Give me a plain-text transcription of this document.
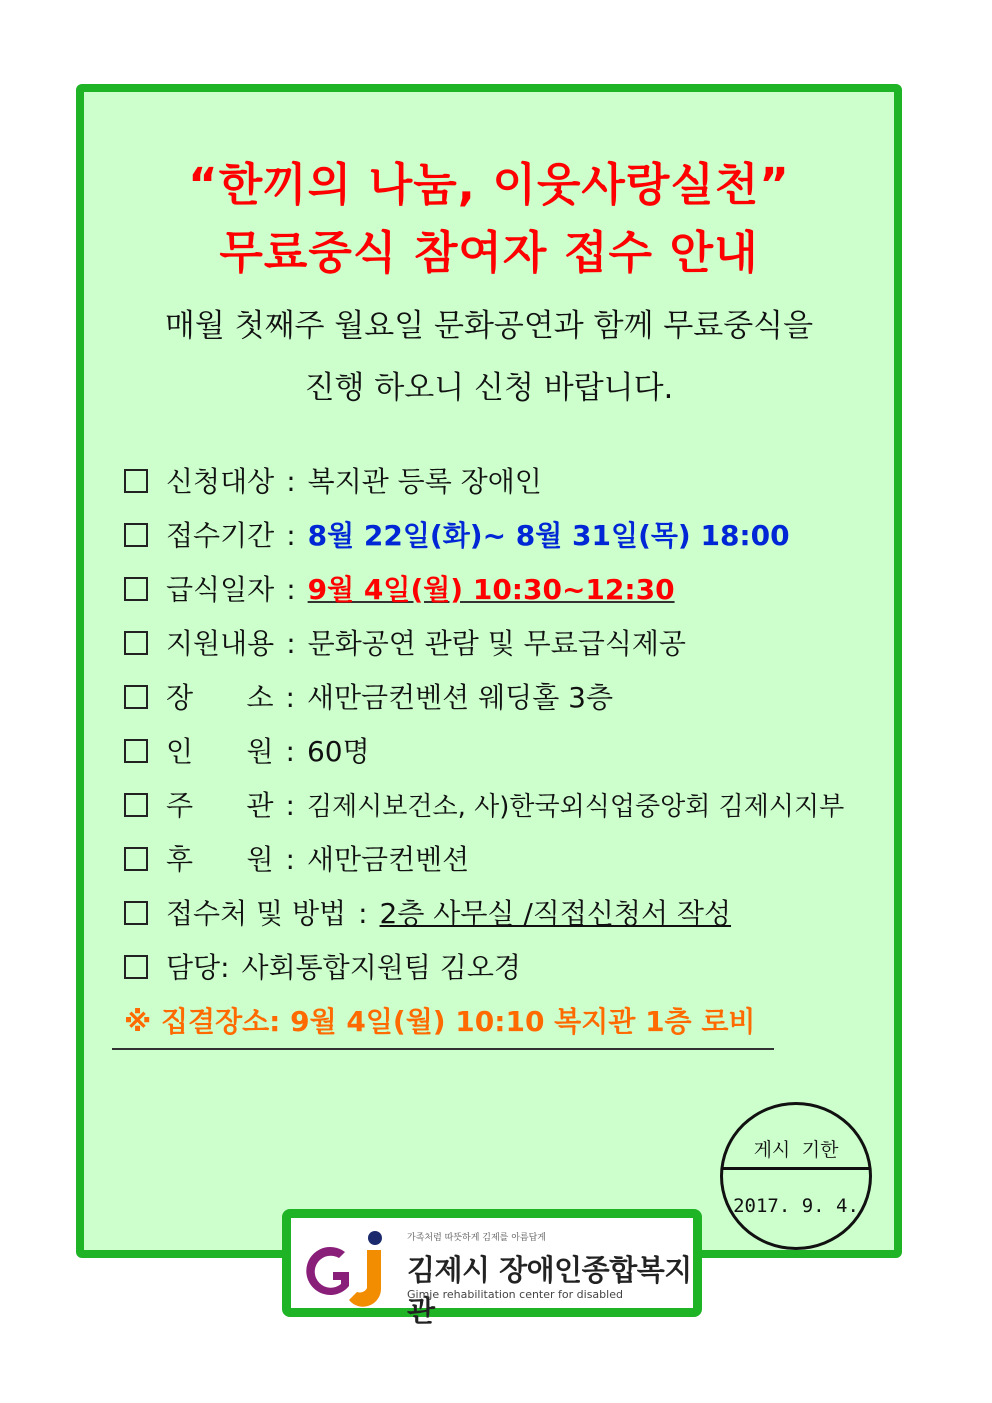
“한끼의 나눔, 이웃사랑실천”
무료중식 참여자 접수 안내

매월 첫째주 월요일 문화공연과 함께 무료중식을

진행 하오니 신청 바랍니다.

신청대상 : 복지관 등록 장애인
접수기간 : 8월 22일(화)~ 8월 31일(목) 18:00
급식일자 : 9월 4일(월) 10:30~12:30
지원내용 : 문화공연 관람 및 무료급식제공
장      소 : 새만금컨벤션 웨딩홀 3층
인      원 : 60명
주      관 : 김제시보건소, 사)한국외식업중앙회 김제시지부
후      원 : 새만금컨벤션
접수처 및 방법 : 2층 사무실 /직접신청서 작성
담당: 사회통합지원팀 김오경
※ 집결장소: 9월 4일(월) 10:10 복지관 1층 로비
게시 기한
2017. 9. 4.
가족처럼 따뜻하게 김제를 아름답게
김제시 장애인종합복지관
Gimje rehabilitation center for disabled
